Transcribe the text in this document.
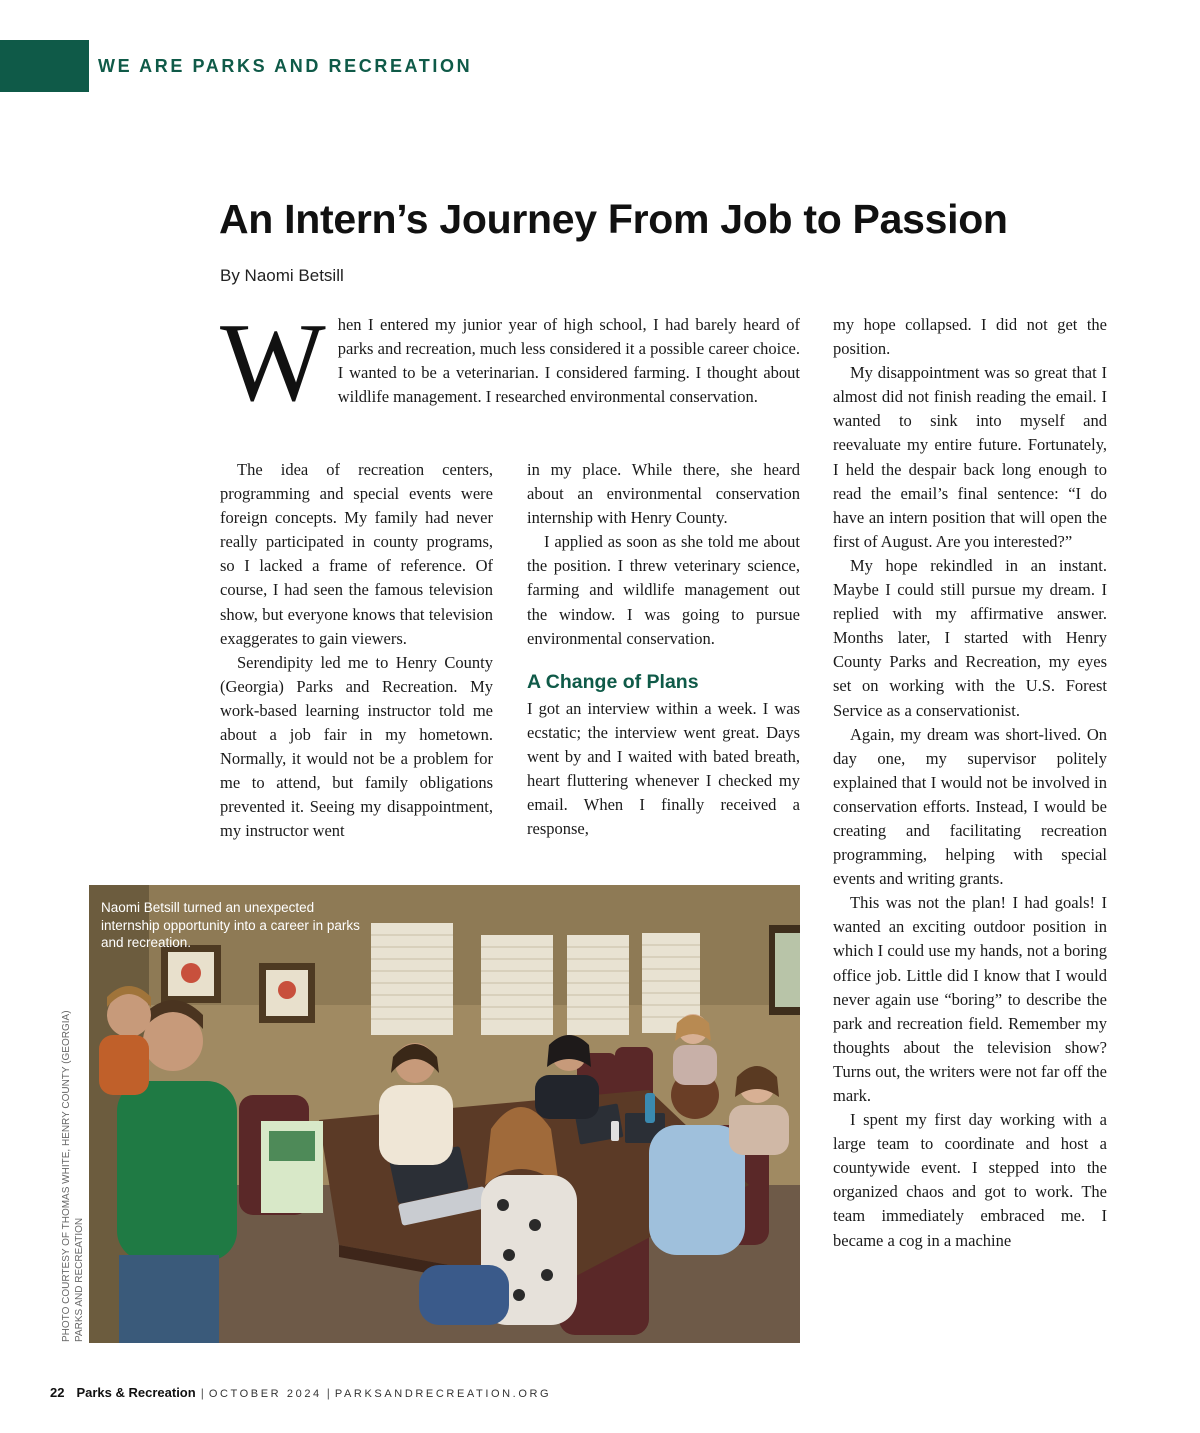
WE ARE PARKS AND RECREATION
An Intern’s Journey From Job to Passion
By Naomi Betsill

When I entered my junior year of high school, I had barely heard of parks and recreation, much less considered it a possible career choice. I wanted to be a veterinarian. I considered farming. I thought about wildlife management. I researched environmental conservation.

The idea of recreation centers, programming and special events were foreign concepts. My family had never really participated in county programs, so I lacked a frame of reference. Of course, I had seen the famous television show, but everyone knows that television exaggerates to gain viewers.

Serendipity led me to Henry County (Georgia) Parks and Recreation. My work-based learning instructor told me about a job fair in my hometown. Normally, it would not be a problem for me to attend, but family obligations prevented it. Seeing my disappointment, my instructor went

in my place. While there, she heard about an environmental conservation internship with Henry County.

I applied as soon as she told me about the position. I threw veterinary science, farming and wildlife management out the window. I was going to pursue environmental conservation.

A Change of Plans

I got an interview within a week. I was ecstatic; the interview went great. Days went by and I waited with bated breath, heart fluttering whenever I checked my email. When I finally received a response,

my hope collapsed. I did not get the position.

My disappointment was so great that I almost did not finish reading the email. I wanted to sink into myself and reevaluate my entire future. Fortunately, I held the despair back long enough to read the email’s final sentence: “I do have an intern position that will open the first of August. Are you interested?”

My hope rekindled in an instant. Maybe I could still pursue my dream. I replied with my affirmative answer. Months later, I started with Henry County Parks and Recreation, my eyes set on working with the U.S. Forest Service as a conservationist.

Again, my dream was short-lived. On day one, my supervisor politely explained that I would not be involved in conservation efforts. Instead, I would be creating and facilitating recreation programming, helping with special events and writing grants.

This was not the plan! I had goals! I wanted an exciting outdoor position in which I could use my hands, not a boring office job. Little did I know that I would never again use “boring” to describe the park and recreation field. Remember my thoughts about the television show? Turns out, the writers were not far off the mark.

I spent my first day working with a large team to coordinate and host a countywide event. I stepped into the organized chaos and got to work. The team immediately embraced me. I became a cog in a machine

Naomi Betsill turned an unexpected internship opportunity into a career in parks and recreation.
PHOTO COURTESY OF THOMAS WHITE, HENRY COUNTY (GEORGIA) PARKS AND RECREATION
22 Parks & Recreation | OCTOBER 2024 | PARKSANDRECREATION.ORG
